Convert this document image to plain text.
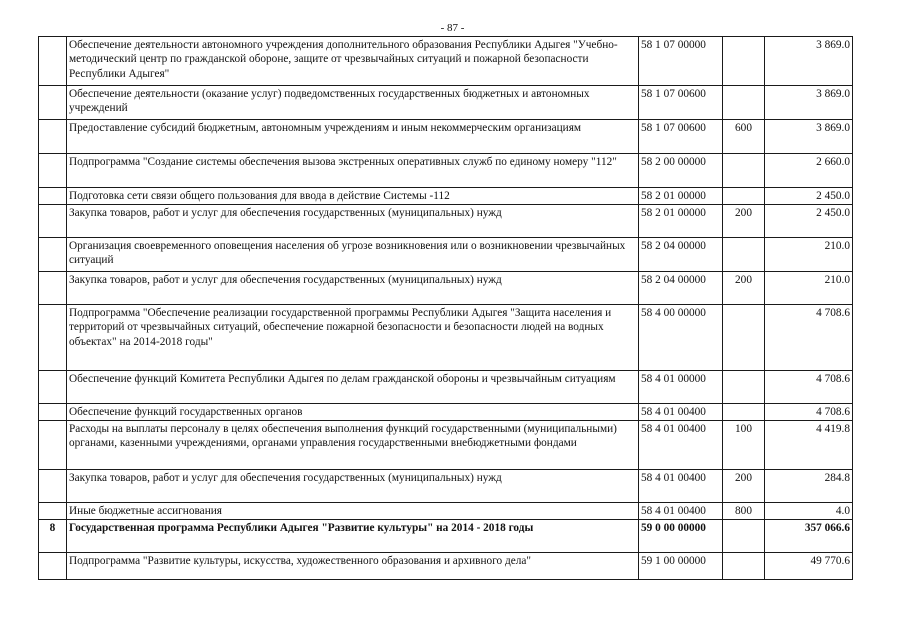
- 87 -
	Обеспечение деятельности автономного учреждения дополнительного образования Республики Адыгея "Учебно-методический центр по гражданской обороне, защите от чрезвычайных ситуаций и пожарной безопасности Республики Адыгея"	58 1 07 00000		3 869.0
	Обеспечение деятельности (оказание услуг) подведомственных государственных бюджетных и автономных учреждений	58 1 07 00600		3 869.0
	Предоставление субсидий бюджетным, автономным учреждениям и иным некоммерческим организациям	58 1 07 00600	600	3 869.0
	Подпрограмма "Создание системы обеспечения вызова экстренных оперативных служб по единому номеру "112"	58 2 00 00000		2 660.0
	Подготовка сети связи общего пользования для ввода в действие Системы -112	58 2 01 00000		2 450.0
	Закупка товаров, работ и услуг для обеспечения государственных (муниципальных) нужд	58 2 01 00000	200	2 450.0
	Организация своевременного оповещения населения об угрозе возникновения или о возникновении чрезвычайных ситуаций	58 2 04 00000		210.0
	Закупка товаров, работ и услуг для обеспечения государственных (муниципальных) нужд	58 2 04 00000	200	210.0
	Подпрограмма "Обеспечение реализации государственной программы Республики Адыгея "Защита населения и территорий от чрезвычайных ситуаций, обеспечение пожарной безопасности и безопасности людей на водных объектах" на 2014-2018 годы"	58 4 00 00000		4 708.6
	Обеспечение функций Комитета Республики Адыгея по делам гражданской обороны и чрезвычайным ситуациям	58 4 01 00000		4 708.6
	Обеспечение функций государственных органов	58 4 01 00400		4 708.6
	Расходы на выплаты персоналу в целях обеспечения выполнения функций государственными (муниципальными) органами, казенными учреждениями, органами управления государственными внебюджетными фондами	58 4 01 00400	100	4 419.8
	Закупка товаров, работ и услуг для обеспечения государственных (муниципальных) нужд	58 4 01 00400	200	284.8
	Иные бюджетные ассигнования	58 4 01 00400	800	4.0
8	Государственная программа Республики Адыгея "Развитие культуры" на 2014 - 2018 годы	59 0 00 00000		357 066.6
	Подпрограмма "Развитие культуры, искусства, художественного образования и архивного дела"	59 1 00 00000		49 770.6
